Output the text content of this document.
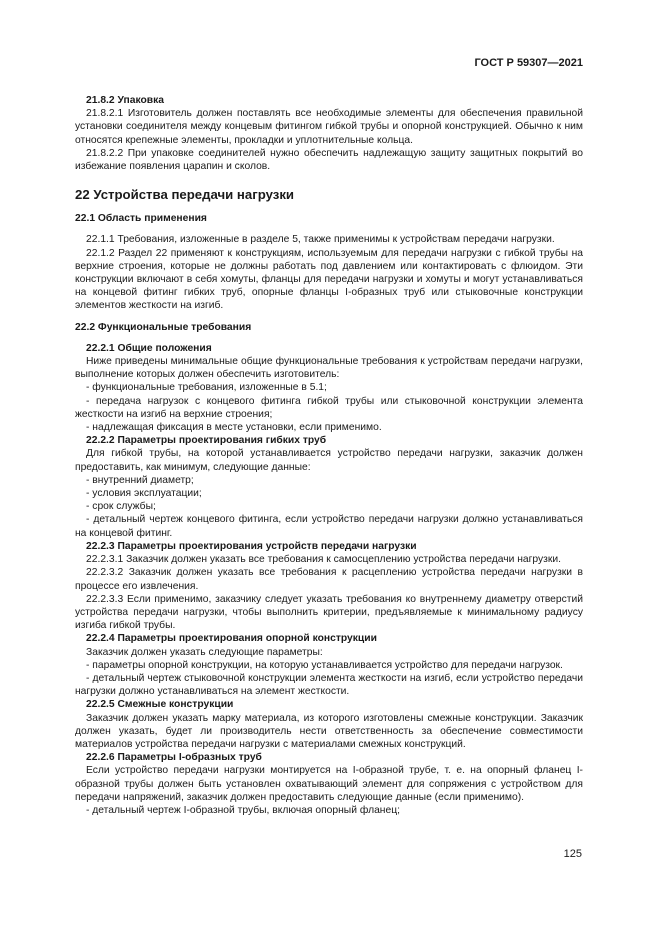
ГОСТ Р 59307—2021

21.8.2 Упаковка

21.8.2.1 Изготовитель должен поставлять все необходимые элементы для обеспечения правильной установки соединителя между концевым фитингом гибкой трубы и опорной конструкцией. Обычно к ним относятся крепежные элементы, прокладки и уплотнительные кольца.

21.8.2.2 При упаковке соединителей нужно обеспечить надлежащую защиту защитных покрытий во избежание появления царапин и сколов.

22 Устройства передачи нагрузки

22.1 Область применения

22.1.1 Требования, изложенные в разделе 5, также применимы к устройствам передачи нагрузки.

22.1.2 Раздел 22 применяют к конструкциям, используемым для передачи нагрузки с гибкой трубы на верхние строения, которые не должны работать под давлением или контактировать с флюидом. Эти конструкции включают в себя хомуты, фланцы для передачи нагрузки и хомуты и могут устанавливаться на концевой фитинг гибких труб, опорные фланцы I-образных труб или стыковочные конструкции элементов жесткости на изгиб.

22.2 Функциональные требования

22.2.1 Общие положения

Ниже приведены минимальные общие функциональные требования к устройствам передачи нагрузки, выполнение которых должен обеспечить изготовитель:

- функциональные требования, изложенные в 5.1;

- передача нагрузок с концевого фитинга гибкой трубы или стыковочной конструкции элемента жесткости на изгиб на верхние строения;

- надлежащая фиксация в месте установки, если применимо.

22.2.2 Параметры проектирования гибких труб

Для гибкой трубы, на которой устанавливается устройство передачи нагрузки, заказчик должен предоставить, как минимум, следующие данные:

- внутренний диаметр;

- условия эксплуатации;

- срок службы;

- детальный чертеж концевого фитинга, если устройство передачи нагрузки должно устанавливаться на концевой фитинг.

22.2.3 Параметры проектирования устройств передачи нагрузки

22.2.3.1 Заказчик должен указать все требования к самосцеплению устройства передачи нагрузки.

22.2.3.2 Заказчик должен указать все требования к расцеплению устройства передачи нагрузки в процессе его извлечения.

22.2.3.3 Если применимо, заказчику следует указать требования ко внутреннему диаметру отверстий устройства передачи нагрузки, чтобы выполнить критерии, предъявляемые к минимальному радиусу изгиба гибкой трубы.

22.2.4 Параметры проектирования опорной конструкции

Заказчик должен указать следующие параметры:

- параметры опорной конструкции, на которую устанавливается устройство для передачи нагрузок.

- детальный чертеж стыковочной конструкции элемента жесткости на изгиб, если устройство передачи нагрузки должно устанавливаться на элемент жесткости.

22.2.5 Смежные конструкции

Заказчик должен указать марку материала, из которого изготовлены смежные конструкции. Заказчик должен указать, будет ли производитель нести ответственность за обеспечение совместимости материалов устройства передачи нагрузки с материалами смежных конструкций.

22.2.6 Параметры I-образных труб

Если устройство передачи нагрузки монтируется на I-образной трубе, т. е. на опорный фланец I-образной трубы должен быть установлен охватывающий элемент для сопряжения с устройством для передачи напряжений, заказчик должен предоставить следующие данные (если применимо).

- детальный чертеж I-образной трубы, включая опорный фланец;

125
